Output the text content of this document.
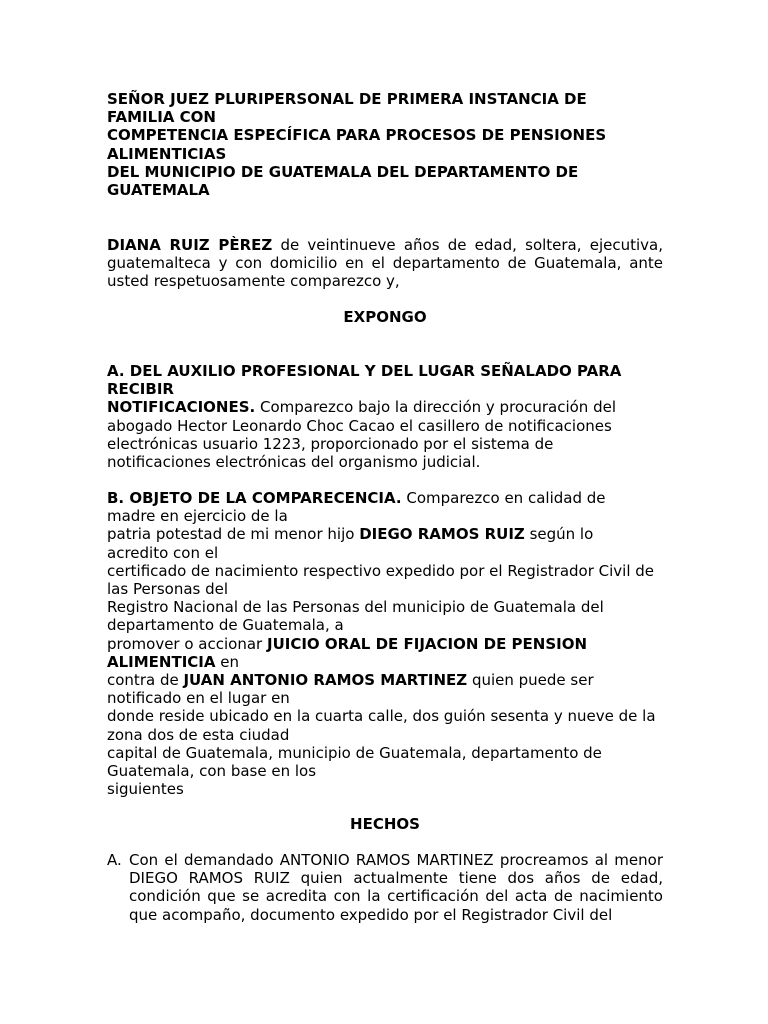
SEÑOR JUEZ PLURIPERSONAL DE PRIMERA INSTANCIA DE
FAMILIA CON
COMPETENCIA ESPECÍFICA PARA PROCESOS DE PENSIONES
ALIMENTICIAS
DEL MUNICIPIO DE GUATEMALA DEL DEPARTAMENTO DE
GUATEMALA

DIANA RUIZ PÈREZ de veintinueve años de edad, soltera, ejecutiva, guatemalteca y con domicilio en el departamento de Guatemala, ante usted respetuosamente comparezco y,

EXPONGO
A. DEL AUXILIO PROFESIONAL Y DEL LUGAR SEÑALADO PARA
RECIBIR
NOTIFICACIONES. Comparezco bajo la dirección y procuración del
abogado Hector Leonardo Choc Cacao el casillero de notificaciones
electrónicas usuario 1223, proporcionado por el sistema de
notificaciones electrónicas del organismo judicial.
B. OBJETO DE LA COMPARECENCIA. Comparezco en calidad de
madre en ejercicio de la
patria potestad de mi menor hijo DIEGO RAMOS RUIZ según lo
acredito con el
certificado de nacimiento respectivo expedido por el Registrador Civil de
las Personas del
Registro Nacional de las Personas del municipio de Guatemala del
departamento de Guatemala, a
promover o accionar JUICIO ORAL DE FIJACION DE PENSION
ALIMENTICIA en
contra de JUAN ANTONIO RAMOS MARTINEZ quien puede ser
notificado en el lugar en
donde reside ubicado en la cuarta calle, dos guión sesenta y nueve de la
zona dos de esta ciudad
capital de Guatemala, municipio de Guatemala, departamento de
Guatemala, con base en los
siguientes
HECHOS
A. Con el demandado ANTONIO RAMOS MARTINEZ procreamos al menor DIEGO RAMOS RUIZ quien actualmente tiene dos años de edad, condición que se acredita con la certificación del acta de nacimiento que acompaño, documento expedido por el Registrador Civil del
